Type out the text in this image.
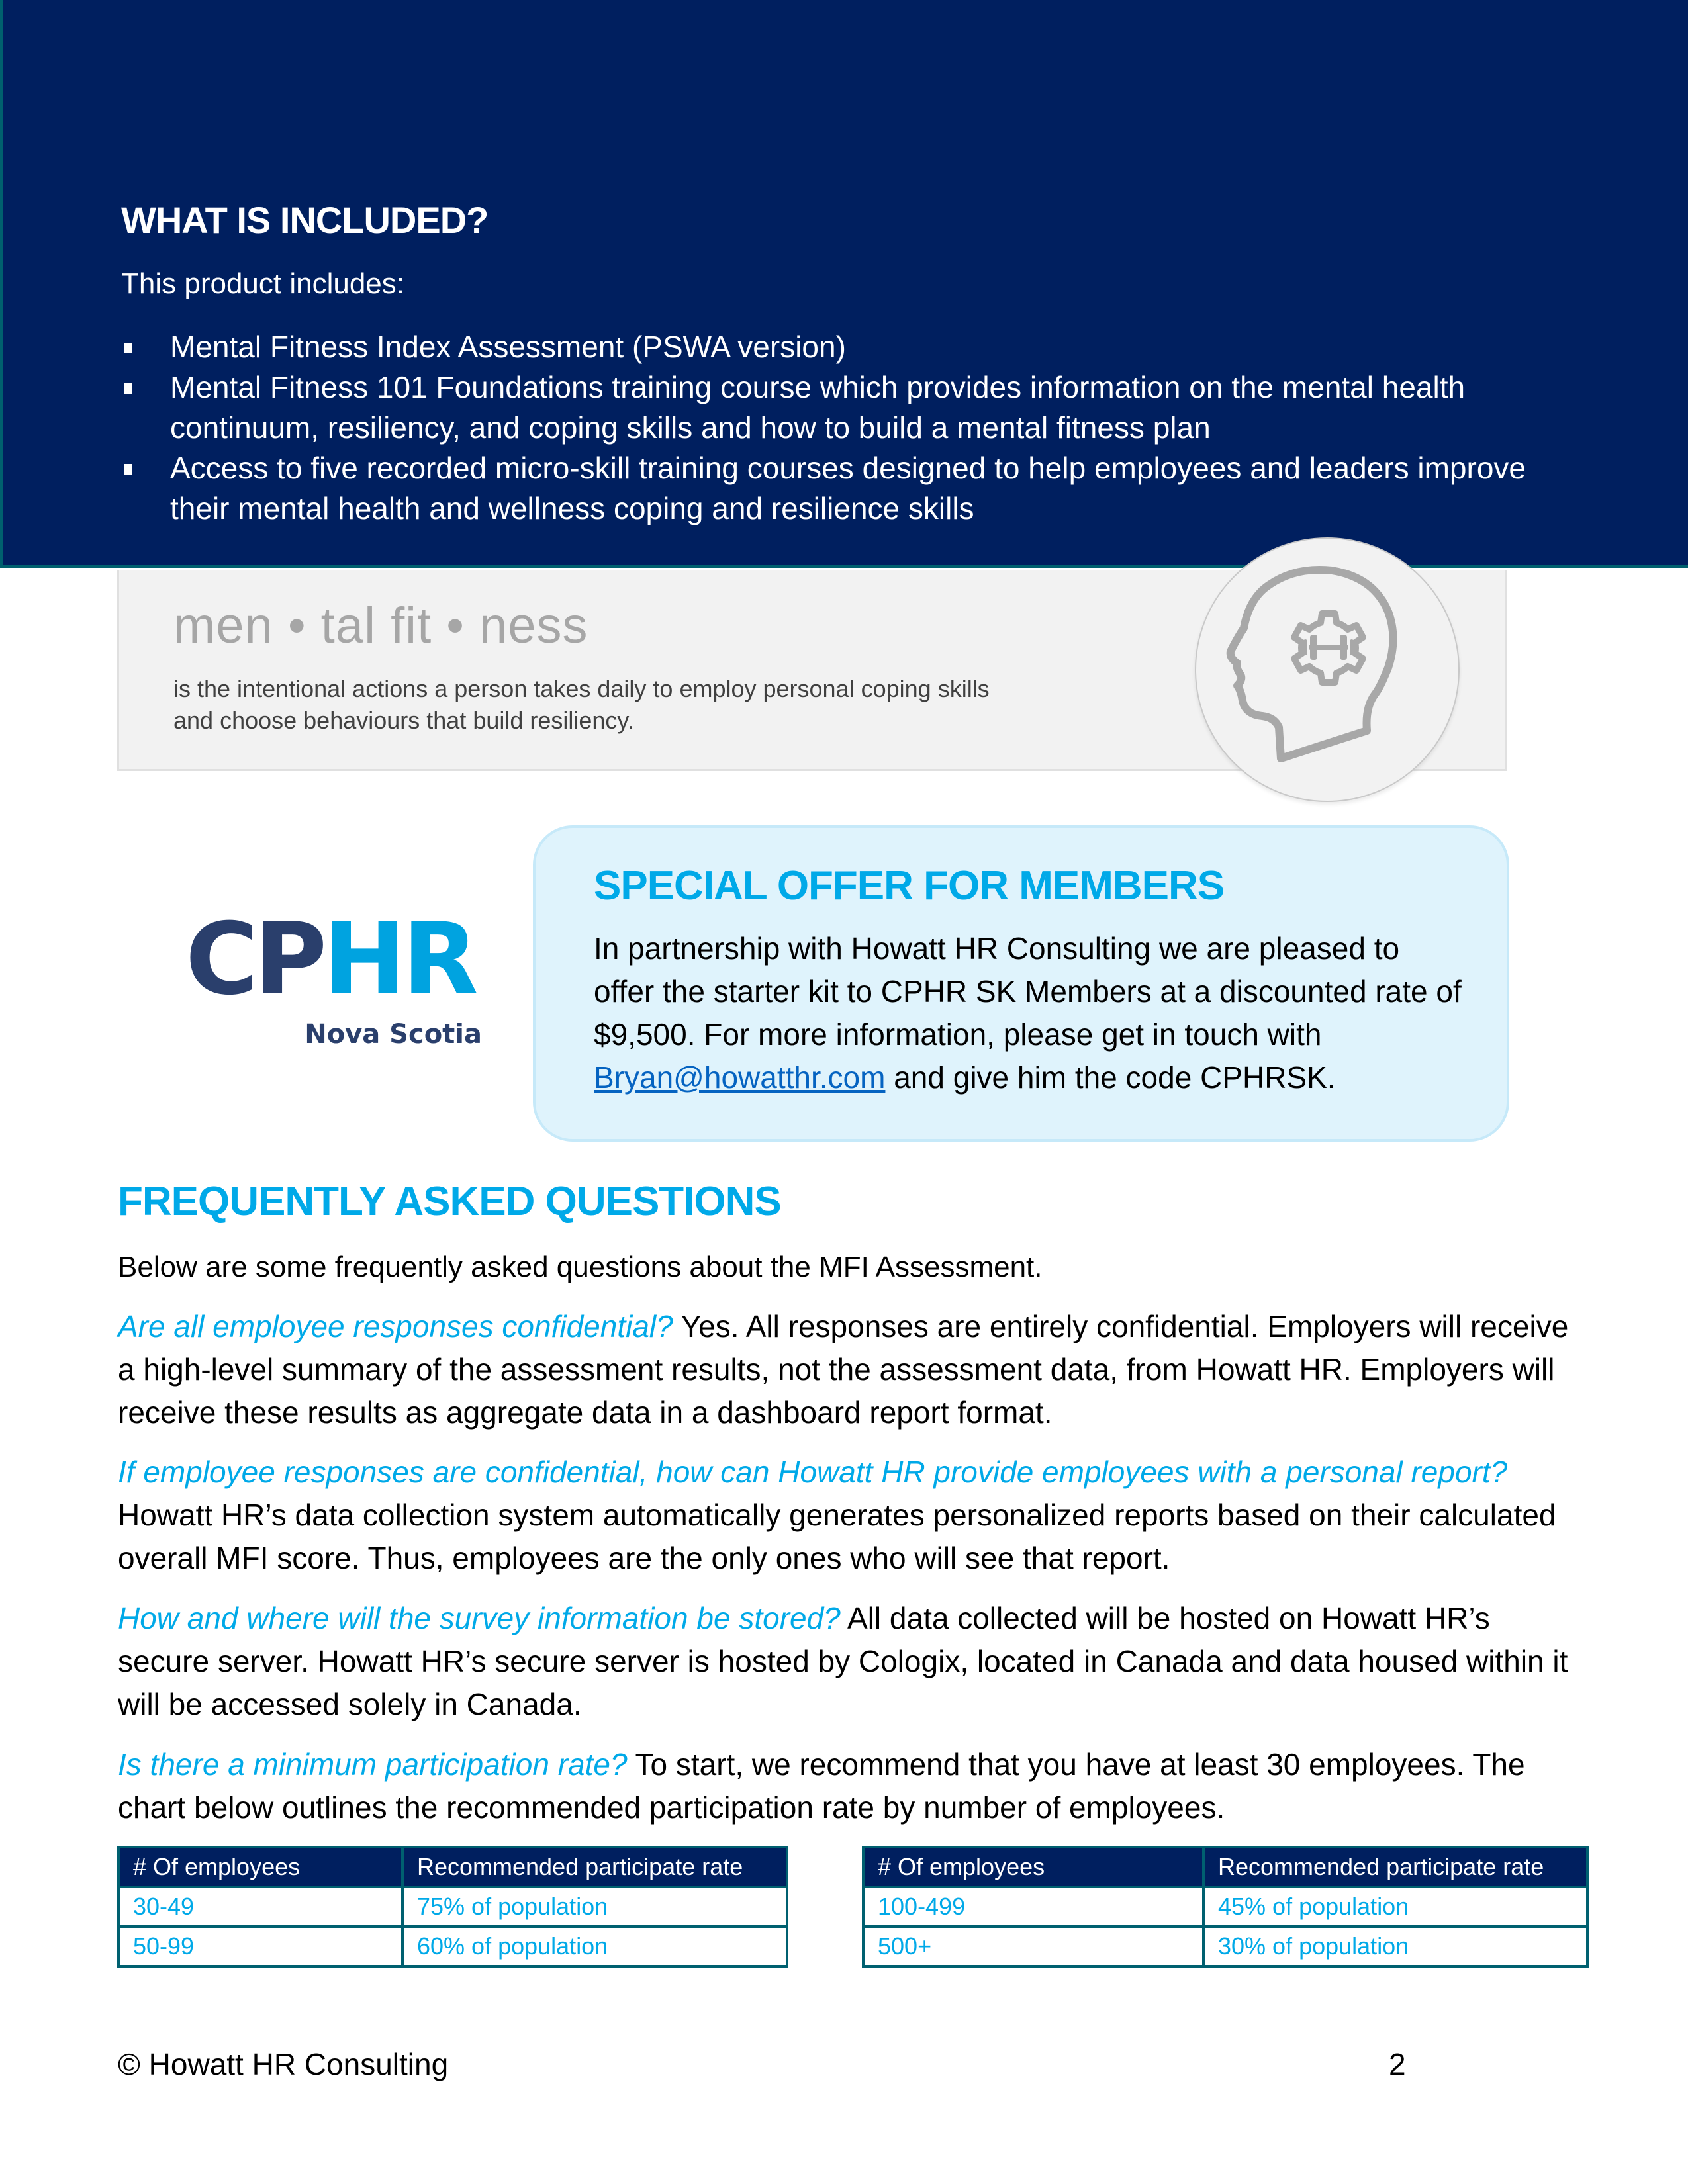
WHAT IS INCLUDED?
This product includes:
Mental Fitness Index Assessment (PSWA version)
Mental Fitness 101 Foundations training course which provides information on the mental health continuum, resiliency, and coping skills and how to build a mental fitness plan
Access to five recorded micro-skill training courses designed to help employees and leaders improve their mental health and wellness coping and resilience skills
men • tal fit • ness
is the intentional actions a person takes daily to employ personal coping skills
and choose behaviours that build resiliency.
CPHR
Nova Scotia
SPECIAL OFFER FOR MEMBERS
In partnership with Howatt HR Consulting we are pleased to offer the starter kit to CPHR SK Members at a discounted rate of $9,500. For more information, please get in touch with Bryan@howatthr.com and give him the code CPHRSK.
FREQUENTLY ASKED QUESTIONS
Below are some frequently asked questions about the MFI Assessment.
Are all employee responses confidential? Yes. All responses are entirely confidential. Employers will receive a high-level summary of the assessment results, not the assessment data, from Howatt HR. Employers will receive these results as aggregate data in a dashboard report format.
If employee responses are confidential, how can Howatt HR provide employees with a personal report? Howatt HR’s data collection system automatically generates personalized reports based on their calculated overall MFI score. Thus, employees are the only ones who will see that report.
How and where will the survey information be stored? All data collected will be hosted on Howatt HR’s secure server. Howatt HR’s secure server is hosted by Cologix, located in Canada and data housed within it will be accessed solely in Canada.
Is there a minimum participation rate? To start, we recommend that you have at least 30 employees. The chart below outlines the recommended participation rate by number of employees.
# Of employees	Recommended participate rate
30-49	75% of population
50-99	60% of population
# Of employees	Recommended participate rate
100-499	45% of population
500+	30% of population
© Howatt HR Consulting	2
